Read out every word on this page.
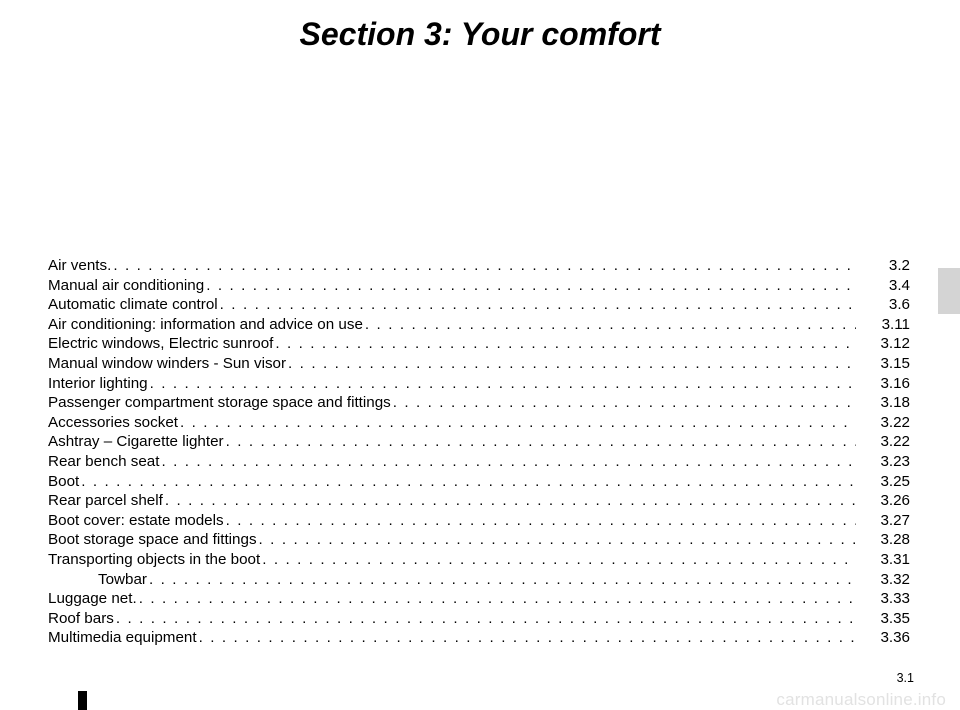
Section 3: Your comfort
Air vents. . . .	3.2
Manual air conditioning . . .	3.4
Automatic climate control . . .	3.6
Air conditioning: information and advice on use . . .	3.11
Electric windows, Electric sunroof . . .	3.12
Manual window winders - Sun visor . . .	3.15
Interior lighting . . .	3.16
Passenger compartment storage space and fittings . . .	3.18
Accessories socket . . .	3.22
Ashtray – Cigarette lighter . . .	3.22
Rear bench seat . . .	3.23
Boot . . .	3.25
Rear parcel shelf . . .	3.26
Boot cover: estate models . . .	3.27
Boot storage space and fittings . . .	3.28
Transporting objects in the boot . . .	3.31
Towbar . . .	3.32
Luggage net. . . .	3.33
Roof bars . . .	3.35
Multimedia equipment . . .	3.36
3.1
carmanualsonline.info
